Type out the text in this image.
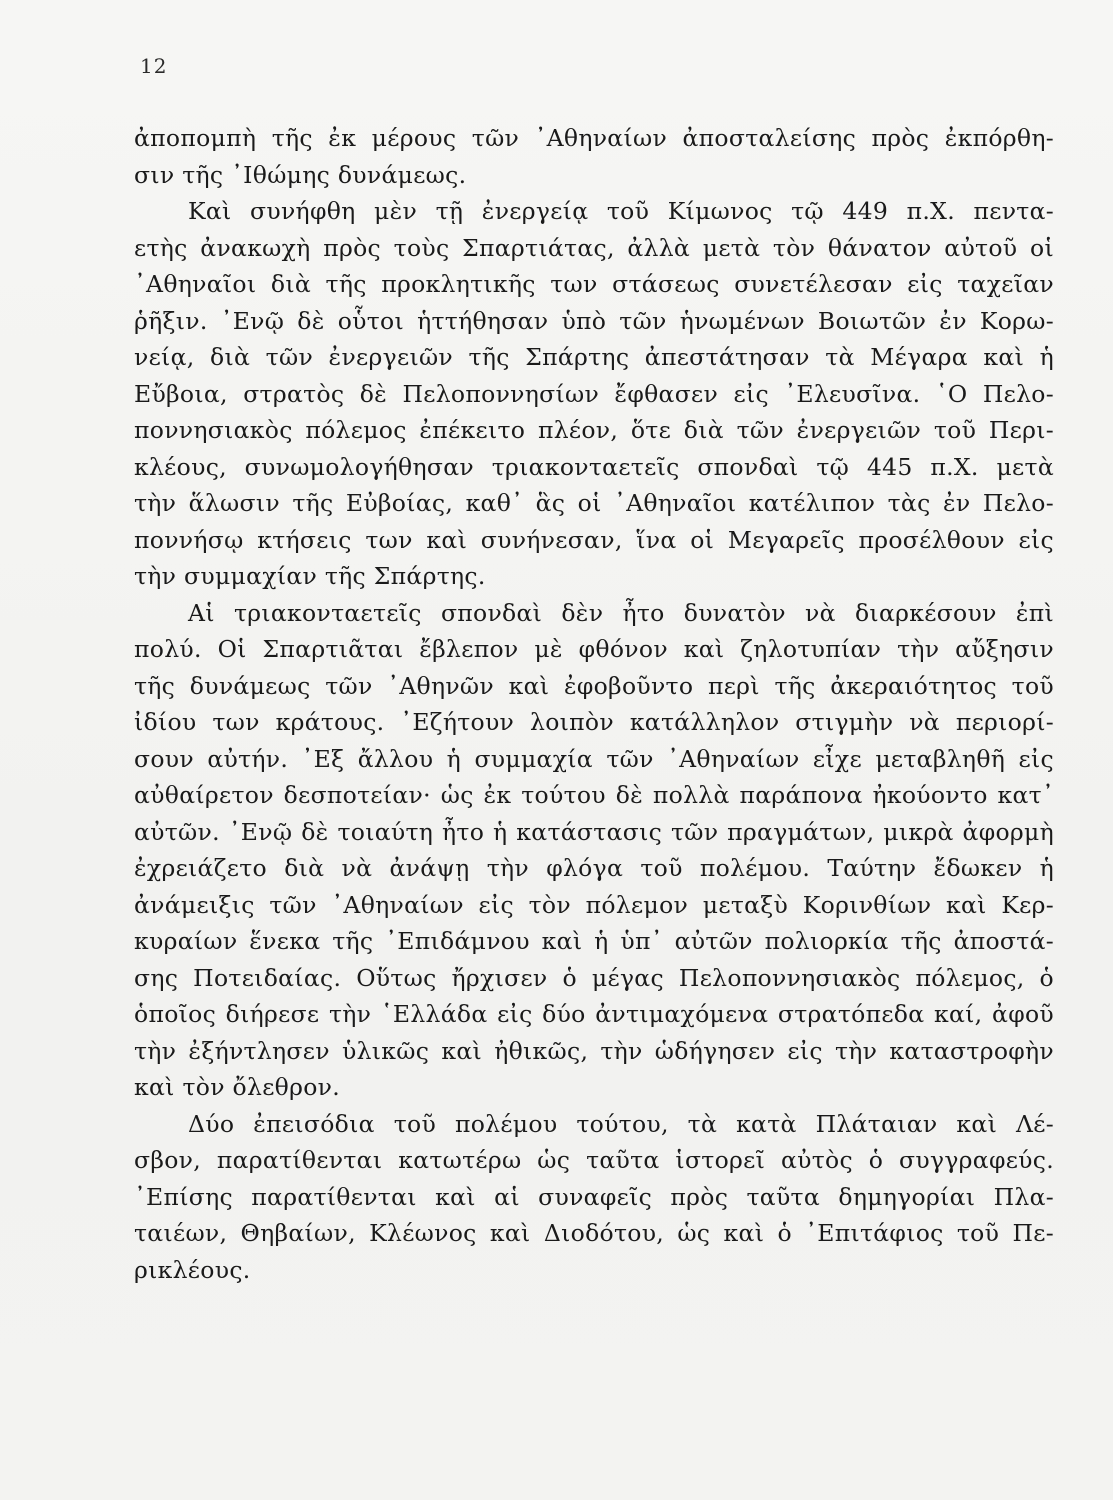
12
ἀποπομπὴ τῆς ἐκ μέρους τῶν ᾿Αθηναίων ἀποσταλείσης πρὸς ἐκπόρθη-
σιν τῆς ᾿Ιθώμης δυνάμεως.
Καὶ συνήφθη μὲν τῇ ἐνεργείᾳ τοῦ Κίμωνος τῷ 449 π.Χ. πεντα-
ετὴς ἀνακωχὴ πρὸς τοὺς Σπαρτιάτας, ἀλλὰ μετὰ τὸν θάνατον αὐτοῦ οἱ
᾿Αθηναῖοι διὰ τῆς προκλητικῆς των στάσεως συνετέλεσαν εἰς ταχεῖαν
ῥῆξιν. ᾿Ενῷ δὲ οὗτοι ἡττήθησαν ὑπὸ τῶν ἡνωμένων Βοιωτῶν ἐν Κορω-
νείᾳ, διὰ τῶν ἐνεργειῶν τῆς Σπάρτης ἀπεστάτησαν τὰ Μέγαρα καὶ ἡ
Εὔβοια, στρατὸς δὲ Πελοποννησίων ἔφθασεν εἰς ᾿Ελευσῖνα. ῾Ο Πελο-
ποννησιακὸς πόλεμος ἐπέκειτο πλέον, ὅτε διὰ τῶν ἐνεργειῶν τοῦ Περι-
κλέους, συνωμολογήθησαν τριακονταετεῖς σπονδαὶ τῷ 445 π.Χ. μετὰ
τὴν ἅλωσιν τῆς Εὐβοίας, καθ᾿ ἃς οἱ ᾿Αθηναῖοι κατέλιπον τὰς ἐν Πελο-
ποννήσῳ κτήσεις των καὶ συνήνεσαν, ἵνα οἱ Μεγαρεῖς προσέλθουν εἰς
τὴν συμμαχίαν τῆς Σπάρτης.
Αἱ τριακονταετεῖς σπονδαὶ δὲν ἦτο δυνατὸν νὰ διαρκέσουν ἐπὶ
πολύ. Οἱ Σπαρτιᾶται ἔβλεπον μὲ φθόνον καὶ ζηλοτυπίαν τὴν αὔξησιν
τῆς δυνάμεως τῶν ᾿Αθηνῶν καὶ ἐφοβοῦντο περὶ τῆς ἀκεραιότητος τοῦ
ἰδίου των κράτους. ᾿Εζήτουν λοιπὸν κατάλληλον στιγμὴν νὰ περιορί-
σουν αὐτήν. ᾿Εξ ἄλλου ἡ συμμαχία τῶν ᾿Αθηναίων εἶχε μεταβληθῆ εἰς
αὐθαίρετον δεσποτείαν· ὡς ἐκ τούτου δὲ πολλὰ παράπονα ἠκούοντο κατ᾿
αὐτῶν. ᾿Ενῷ δὲ τοιαύτη ἦτο ἡ κατάστασις τῶν πραγμάτων, μικρὰ ἀφορμὴ
ἐχρειάζετο διὰ νὰ ἀνάψῃ τὴν φλόγα τοῦ πολέμου. Ταύτην ἔδωκεν ἡ
ἀνάμειξις τῶν ᾿Αθηναίων εἰς τὸν πόλεμον μεταξὺ Κορινθίων καὶ Κερ-
κυραίων ἕνεκα τῆς ᾿Επιδάμνου καὶ ἡ ὑπ᾿ αὐτῶν πολιορκία τῆς ἀποστά-
σης Ποτειδαίας. Οὕτως ἤρχισεν ὁ μέγας Πελοποννησιακὸς πόλεμος, ὁ
ὁποῖος διήρεσε τὴν ῾Ελλάδα εἰς δύο ἀντιμαχόμενα στρατόπεδα καί, ἀφοῦ
τὴν ἐξήντλησεν ὑλικῶς καὶ ἠθικῶς, τὴν ὡδήγησεν εἰς τὴν καταστροφὴν
καὶ τὸν ὄλεθρον.
Δύο ἐπεισόδια τοῦ πολέμου τούτου, τὰ κατὰ Πλάταιαν καὶ Λέ-
σβον, παρατίθενται κατωτέρω ὡς ταῦτα ἱστορεῖ αὐτὸς ὁ συγγραφεύς.
᾿Επίσης παρατίθενται καὶ αἱ συναφεῖς πρὸς ταῦτα δημηγορίαι Πλα-
ταιέων, Θηβαίων, Κλέωνος καὶ Διοδότου, ὡς καὶ ὁ ᾿Επιτάφιος τοῦ Πε-
ρικλέους.
